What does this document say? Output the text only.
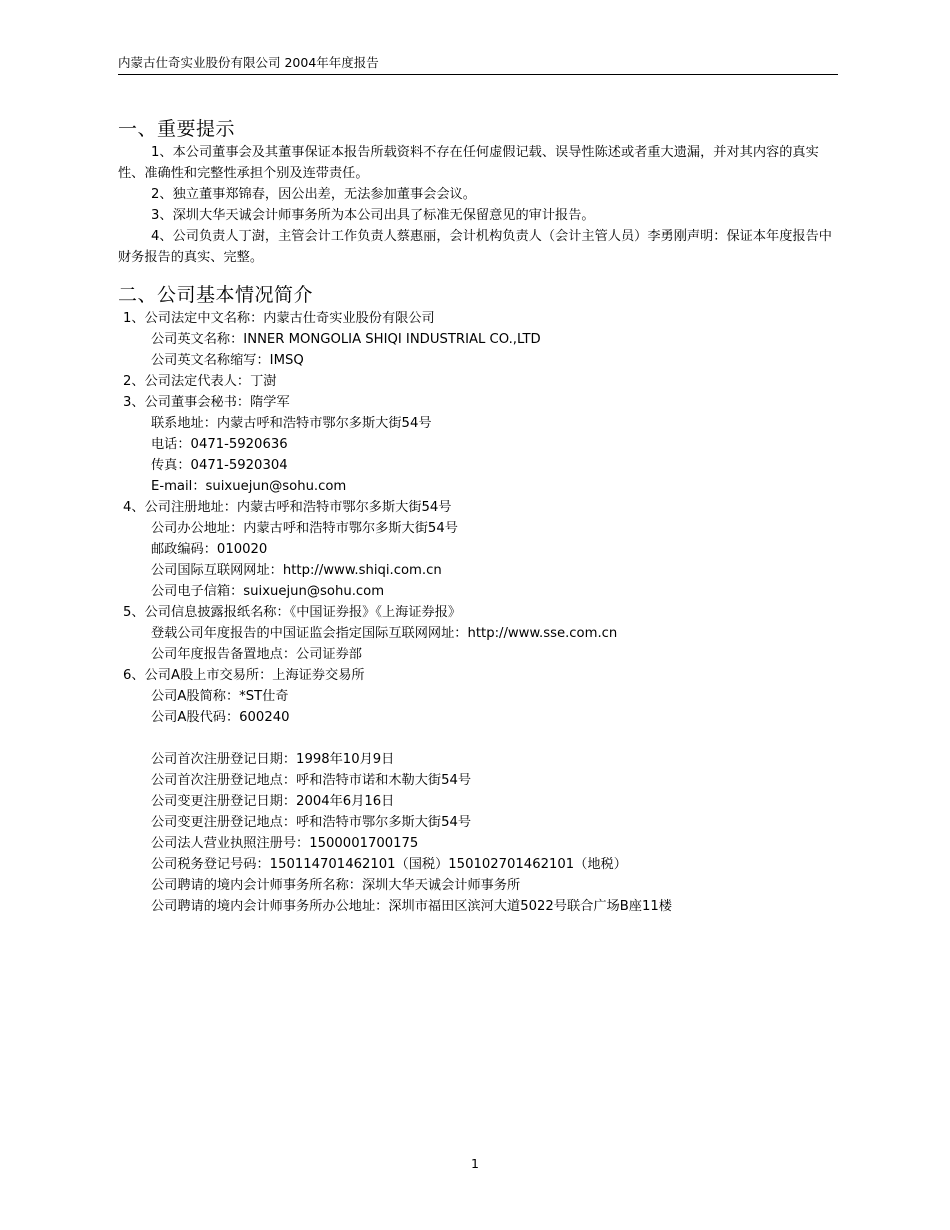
内蒙古仕奇实业股份有限公司 2004年年度报告
一、重要提示

1、本公司董事会及其董事保证本报告所载资料不存在任何虚假记载、误导性陈述或者重大遗漏，并对其内容的真实性、准确性和完整性承担个别及连带责任。

2、独立董事郑锦春，因公出差，无法参加董事会会议。

3、深圳大华天诚会计师事务所为本公司出具了标准无保留意见的审计报告。

4、公司负责人丁澍，主管会计工作负责人蔡惠丽，会计机构负责人（会计主管人员）李勇刚声明：保证本年度报告中财务报告的真实、完整。

二、公司基本情况简介

1、公司法定中文名称：内蒙古仕奇实业股份有限公司

公司英文名称：INNER MONGOLIA SHIQI INDUSTRIAL CO.,LTD

公司英文名称缩写：IMSQ

2、公司法定代表人：丁澍

3、公司董事会秘书：隋学军

联系地址：内蒙古呼和浩特市鄂尔多斯大街54号

电话：0471-5920636

传真：0471-5920304

E-mail：suixuejun@sohu.com

4、公司注册地址：内蒙古呼和浩特市鄂尔多斯大街54号

公司办公地址：内蒙古呼和浩特市鄂尔多斯大街54号

邮政编码：010020

公司国际互联网网址：http://www.shiqi.com.cn

公司电子信箱：suixuejun@sohu.com

5、公司信息披露报纸名称：《中国证券报》《上海证券报》

登载公司年度报告的中国证监会指定国际互联网网址：http://www.sse.com.cn

公司年度报告备置地点：公司证券部

6、公司A股上市交易所：上海证券交易所

公司A股简称：*ST仕奇

公司A股代码：600240

公司首次注册登记日期：1998年10月9日

公司首次注册登记地点：呼和浩特市诺和木勒大街54号

公司变更注册登记日期：2004年6月16日

公司变更注册登记地点：呼和浩特市鄂尔多斯大街54号

公司法人营业执照注册号：1500001700175

公司税务登记号码：150114701462101（国税）150102701462101（地税）

公司聘请的境内会计师事务所名称：深圳大华天诚会计师事务所

公司聘请的境内会计师事务所办公地址：深圳市福田区滨河大道5022号联合广场B座11楼

1
